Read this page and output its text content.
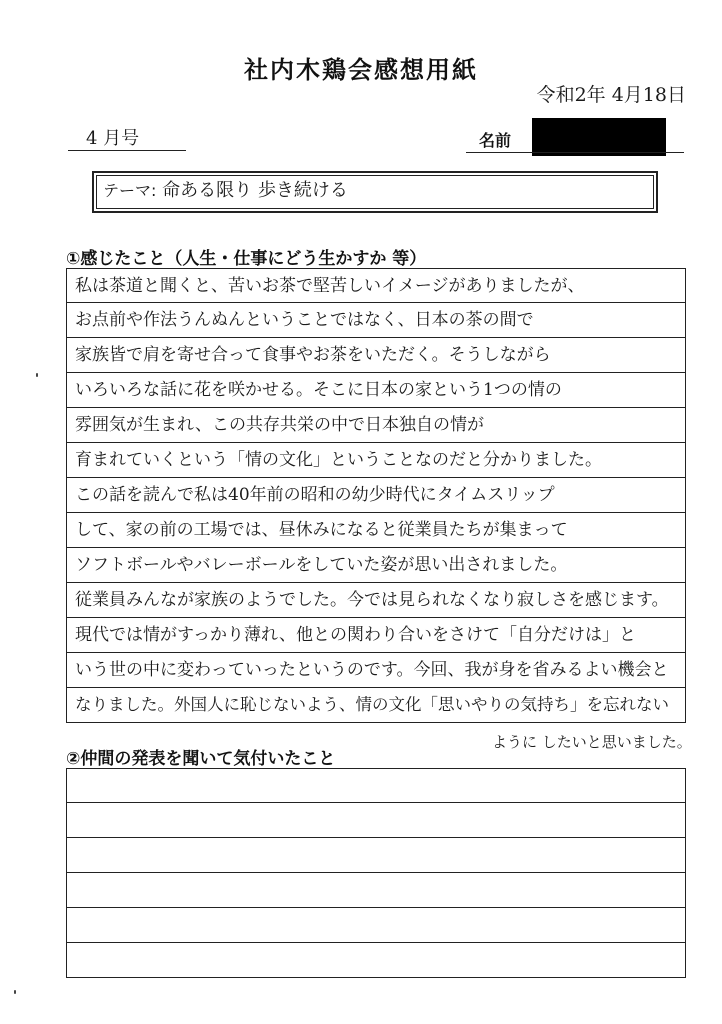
社内木鶏会感想用紙
令和2年 4月18日
4 月号	名前
テーマ: 命ある限り 歩き続ける
①感じたこと（人生・仕事にどう生かすか 等）
私は茶道と聞くと、苦いお茶で堅苦しいイメージがありましたが、
お点前や作法うんぬんということではなく、日本の茶の間で
家族皆で肩を寄せ合って食事やお茶をいただく。そうしながら
いろいろな話に花を咲かせる。そこに日本の家という1つの情の
雰囲気が生まれ、この共存共栄の中で日本独自の情が
育まれていくという「情の文化」ということなのだと分かりました。
この話を読んで私は40年前の昭和の幼少時代にタイムスリップ
して、家の前の工場では、昼休みになると従業員たちが集まって
ソフトボールやバレーボールをしていた姿が思い出されました。
従業員みんなが家族のようでした。今では見られなくなり寂しさを感じます。
現代では情がすっかり薄れ、他との関わり合いをさけて「自分だけは」と
いう世の中に変わっていったというのです。今回、我が身を省みるよい機会と
なりました。外国人に恥じないよう、情の文化「思いやりの気持ち」を忘れない
ように したいと思いました。
②仲間の発表を聞いて気付いたこと
